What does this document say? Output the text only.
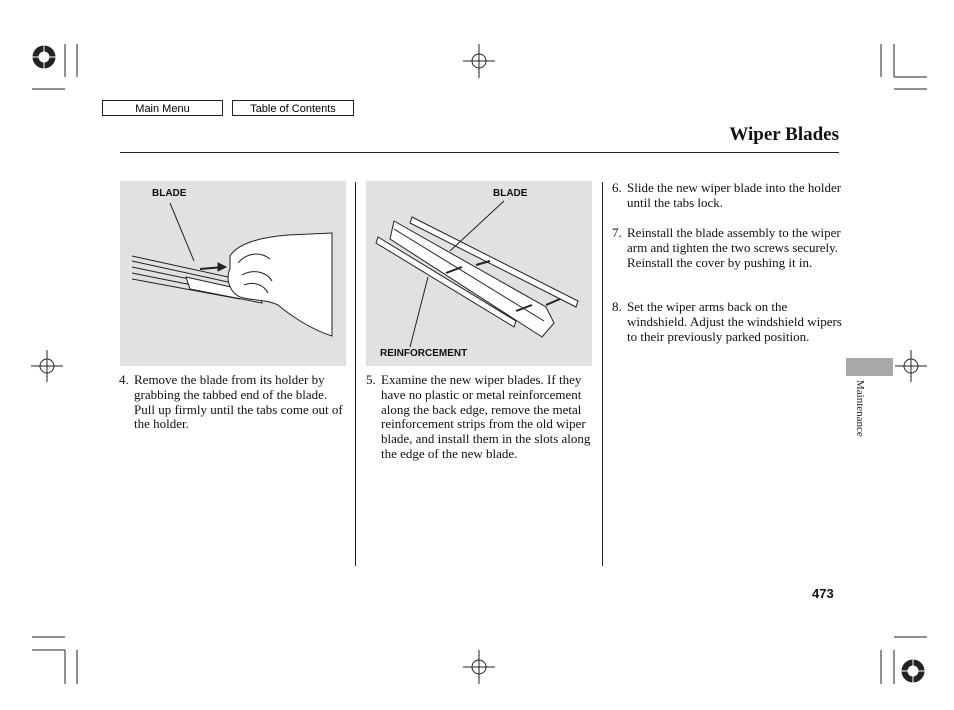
Main Menu	Table of Contents
Wiper Blades
BLADE	BLADE
REINFORCEMENT
4. Remove the blade from its holder by grabbing the tabbed end of the blade. Pull up firmly until the tabs come out of the holder.
5. Examine the new wiper blades. If they have no plastic or metal reinforcement along the back edge, remove the metal reinforcement strips from the old wiper blade, and install them in the slots along the edge of the new blade.
6. Slide the new wiper blade into the holder until the tabs lock.
7. Reinstall the blade assembly to the wiper arm and tighten the two screws securely. Reinstall the cover by pushing it in.
8. Set the wiper arms back on the windshield. Adjust the windshield wipers to their previously parked position.
Maintenance
473
